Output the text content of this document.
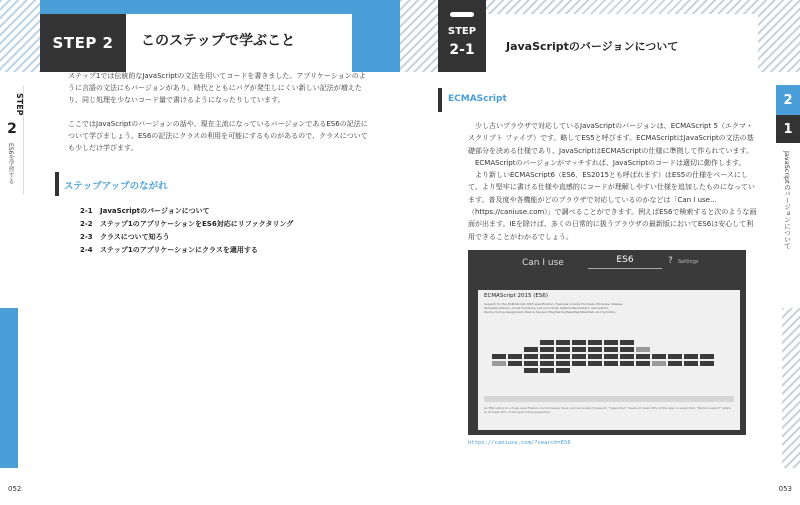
STEP 2	このステップで学ぶこと
STEP
2
ES6を学習する

ステップ1では伝統的なJavaScriptの文法を用いてコードを書きました。アプリケーションのように言語の文法にもバージョンがあり、時代とともにバグが発生しにくい新しい記法が増えたり、同じ処理を少ないコード量で書けるようになったりしています。

ここではJavaScriptのバージョンの話や、現在主流になっているバージョンであるES6の記法について学びましょう。ES6の記法にクラスの利用を可能にするものがあるので、クラスについても少しだけ学びます。

ステップアップのながれ
2-1 JavaScriptのバージョンについて
2-2 ステップ1のアプリケーションをES6対応にリファクタリング
2-3 クラスについて知ろう
2-4 ステップ1のアプリケーションにクラスを適用する
052
STEP
2-1	JavaScriptのバージョンについて
2
1
JavaScriptのバージョンについて
ECMAScript

　少し古いブラウザで対応しているJavaScriptのバージョンは、ECMAScript 5（エクマ・スクリプト ファイブ）です。略してES5と呼びます。ECMAScriptはJavaScriptの文法の基礎部分を決める仕様であり、JavaScriptはECMAScriptの仕様に準拠して作られています。

　ECMAScriptのバージョンがマッチすれば、JavaScriptのコードは適切に動作します。

　より新しいECMAScript6（ES6、ES2015とも呼ばれます）はES5の仕様をベースにして、より堅牢に書ける仕様や直感的にコードが理解しやすい仕様を追加したものになっています。普及度や各機能がどのブラウザで対応しているのかなどは「Can I use...（https://caniuse.com）」で調べることができます。例えばES6で検索すると次のような画面が出ます。IEを除けば、多くの日常的に扱うブラウザの最新版においてES6は安心して利用できることがわかるでしょう。

Can I use	ES6	? Settings
ECMAScript 2015 (ES6)
Support for the ECMAScript 2015 specification. Features include Promises, Modules, Classes, Template Literals, Arrow Functions, Let and Const, Default Parameters, Generators, Destructuring Assignment, Rest & Spread, Map/Set & WeakMap/WeakSet, and Symbols.
As ES6 refers to a huge specification and browsers have various levels of support, "Supported" means at least 95% of the spec is supported. "Partial support" refers to at least 10% of the spec being supported.
https://caniuse.com/?search=ES6
053
